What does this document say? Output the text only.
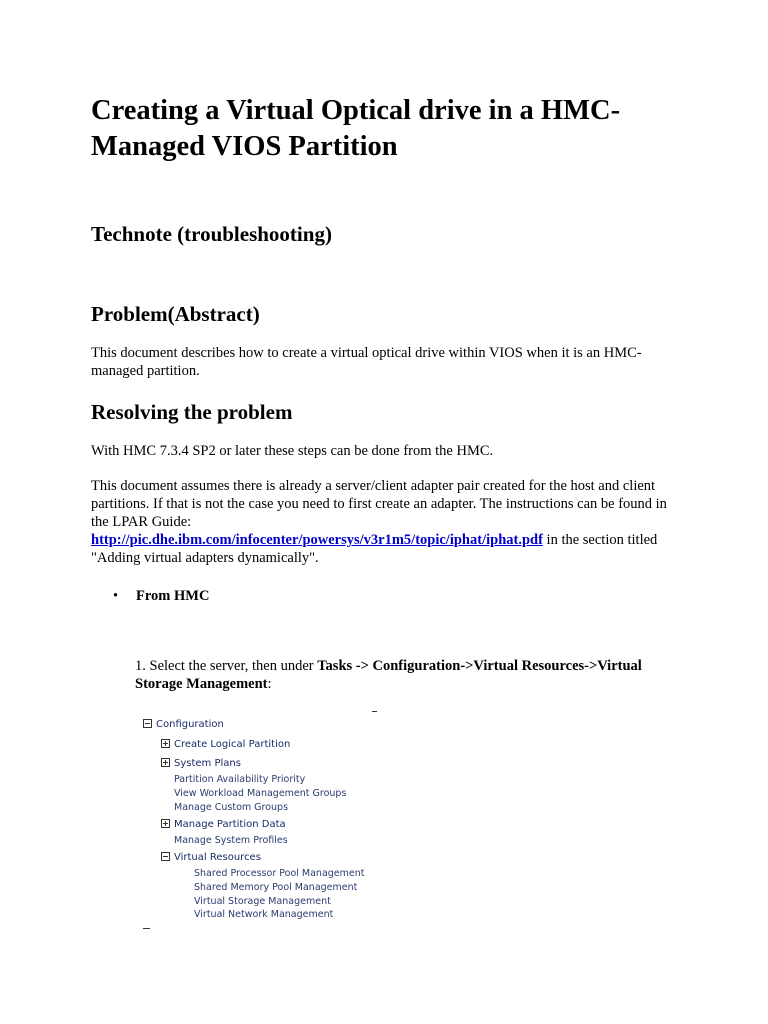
Creating a Virtual Optical drive in a HMC-Managed VIOS Partition
Technote (troubleshooting)
Problem(Abstract)

This document describes how to create a virtual optical drive within VIOS when it is an HMC-managed partition.

Resolving the problem

With HMC 7.3.4 SP2 or later these steps can be done from the HMC.

This document assumes there is already a server/client adapter pair created for the host and client partitions. If that is not the case you need to first create an adapter. The instructions can be found in the LPAR Guide:
http://pic.dhe.ibm.com/infocenter/powersys/v3r1m5/topic/iphat/iphat.pdf in the section titled "Adding virtual adapters dynamically".

• From HMC
1. Select the server, then under Tasks -> Configuration->Virtual Resources->Virtual Storage Management:
Configuration
Create Logical Partition
System Plans
Partition Availability Priority
View Workload Management Groups
Manage Custom Groups
Manage Partition Data
Manage System Profiles
Virtual Resources
Shared Processor Pool Management
Shared Memory Pool Management
Virtual Storage Management
Virtual Network Management
